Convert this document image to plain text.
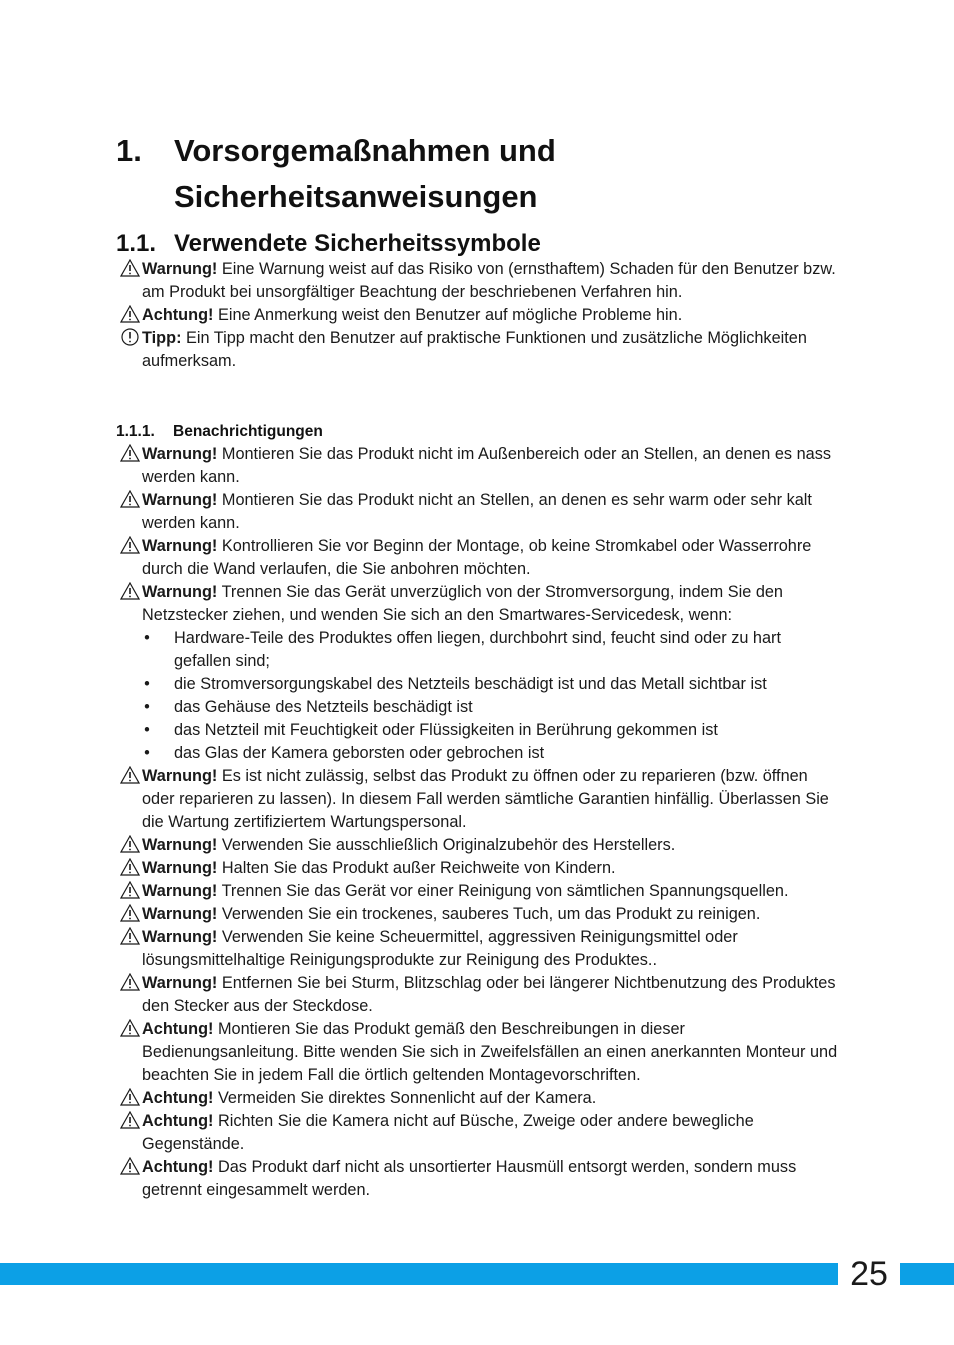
1. Vorsorgemaßnahmen und
Sicherheitsanweisungen
1.1. Verwendete Sicherheitssymbole
Warnung! Eine Warnung weist auf das Risiko von (ernsthaftem) Schaden für den Benutzer bzw. am Produkt bei unsorgfältiger Beachtung der beschriebenen Verfahren hin.
Achtung! Eine Anmerkung weist den Benutzer auf mögliche Probleme hin.
Tipp: Ein Tipp macht den Benutzer auf praktische Funktionen und zusätzliche Möglichkeiten aufmerksam.
1.1.1. Benachrichtigungen
Warnung! Montieren Sie das Produkt nicht im Außenbereich oder an Stellen, an denen es nass werden kann.
Warnung! Montieren Sie das Produkt nicht an Stellen, an denen es sehr warm oder sehr kalt werden kann.
Warnung! Kontrollieren Sie vor Beginn der Montage, ob keine Stromkabel oder Wasserrohre durch die Wand verlaufen, die Sie anbohren möchten.
Warnung! Trennen Sie das Gerät unverzüglich von der Stromversorgung, indem Sie den Netzstecker ziehen, und wenden Sie sich an den Smartwares-Servicedesk, wenn:
• Hardware-Teile des Produktes offen liegen, durchbohrt sind, feucht sind oder zu hart gefallen sind;
• die Stromversorgungskabel des Netzteils beschädigt ist und das Metall sichtbar ist
• das Gehäuse des Netzteils beschädigt ist
• das Netzteil mit Feuchtigkeit oder Flüssigkeiten in Berührung gekommen ist
• das Glas der Kamera geborsten oder gebrochen ist
Warnung! Es ist nicht zulässig, selbst das Produkt zu öffnen oder zu reparieren (bzw. öffnen oder reparieren zu lassen). In diesem Fall werden sämtliche Garantien hinfällig. Überlassen Sie die Wartung zertifiziertem Wartungspersonal.
Warnung! Verwenden Sie ausschließlich Originalzubehör des Herstellers.
Warnung! Halten Sie das Produkt außer Reichweite von Kindern.
Warnung! Trennen Sie das Gerät vor einer Reinigung von sämtlichen Spannungsquellen.
Warnung! Verwenden Sie ein trockenes, sauberes Tuch, um das Produkt zu reinigen.
Warnung! Verwenden Sie keine Scheuermittel, aggressiven Reinigungsmittel oder lösungsmittelhaltige Reinigungsprodukte zur Reinigung des Produktes..
Warnung! Entfernen Sie bei Sturm, Blitzschlag oder bei längerer Nichtbenutzung des Produktes den Stecker aus der Steckdose.
Achtung! Montieren Sie das Produkt gemäß den Beschreibungen in dieser Bedienungsanleitung. Bitte wenden Sie sich in Zweifelsfällen an einen anerkannten Monteur und beachten Sie in jedem Fall die örtlich geltenden Montagevorschriften.
Achtung! Vermeiden Sie direktes Sonnenlicht auf der Kamera.
Achtung! Richten Sie die Kamera nicht auf Büsche, Zweige oder andere bewegliche Gegenstände.
Achtung! Das Produkt darf nicht als unsortierter Hausmüll entsorgt werden, sondern muss getrennt eingesammelt werden.
25
